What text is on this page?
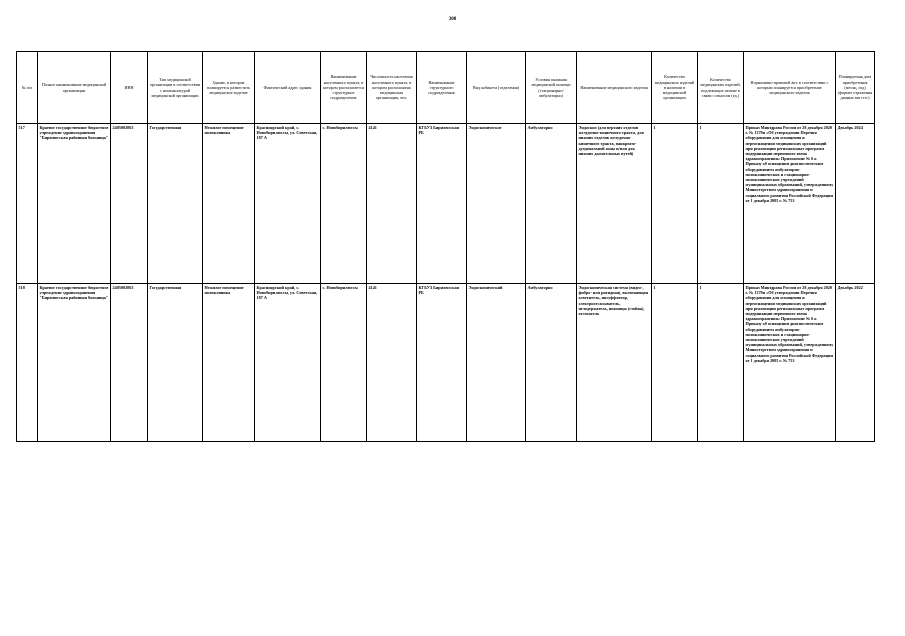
308
№ п/п	Полное наименование медицинской организации	ИНН	Тип медицинской организации в соответствии с номенклатурой медицинской организации	Здание, в котором планируется разместить медицинское изделие	Фактический адрес здания	Наименование населенного пункта, в котором располагается структурное подразделение	Численность населения населенного пункта, в котором расположена медицинская организация, чел.	Наименование структурного подразделения	Вид кабинета (отделения)	Условия оказания медицинской помощи (стационарно/амбулаторно)	Наименование медицинского изделия	Количество медицинских изделий в наличии в медицинской организации	Количество медицинских изделий, подлежащих замене в связи с износом (ед.)	Нормативно-правовой акт, в соответствии с которым планируется приобретение медицинского изделия	Планируемая дата приобретения (месяц, год) (формат отражения данных мм гггг)
517	Краевое государственное бюджетное учреждение здравоохранения "Бирилюсская районная больница"	2405002063	Государственная	Нежилое помещение поликлиника	Красноярский край, с. Новобирилюссы, ул. Советская, 187 А	с. Новобирилюссы	4141	КГБУЗ Бирилюсская РБ	Эндоскопическое	Амбулаторно	Эндоскоп (для верхних отделов желудочно-кишечного тракта, для нижних отделов желудочно-кишечного тракта, панкреато-дуоденальной зоны и/или для нижних дыхательных путей)	1	1	Приказ Минздрава России от 28 декабря 2020 г. № 1379н «Об утверждении Перечня оборудования для оснащения и переоснащения медицинских организаций при реализации региональных программ модернизации первичного звена здравоохранения» Приложение № 6 к Приказу об оснащении диагностическим оборудованием амбулаторно-поликлинических и стационарно-поликлинических учреждений муниципальных образований, утвержденному Министерством здравоохранения и социального развития Российской Федерации от 1 декабря 2005 г. № 753	Декабрь 2024
518	Краевое государственное бюджетное учреждение здравоохранения "Бирилюсская районная больница"	2405002063	Государственная	Нежилое помещение поликлиника	Красноярский край, с. Новобирилюссы, ул. Советская, 187 А	с. Новобирилюссы	4141	КГБУЗ Бирилюсская РБ	Эндоскопический	Амбулаторно	Эндоскопическая система (видео-, фибро- или ригидная), включающая осветитель, инсуффлятор, электроотсасыватель, иглодержатель, ножницы (стойка), отсекатель	1	1	Приказ Минздрава России от 28 декабря 2020 г. № 1379н «Об утверждении Перечня оборудования для оснащения и переоснащения медицинских организаций при реализации региональных программ модернизации первичного звена здравоохранения» Приложение № 6 к Приказу об оснащении диагностическим оборудованием амбулаторно-поликлинических и стационарно-поликлинических учреждений муниципальных образований, утвержденному Министерством здравоохранения и социального развития Российской Федерации от 1 декабря 2005 г. № 753	Декабрь 2022
